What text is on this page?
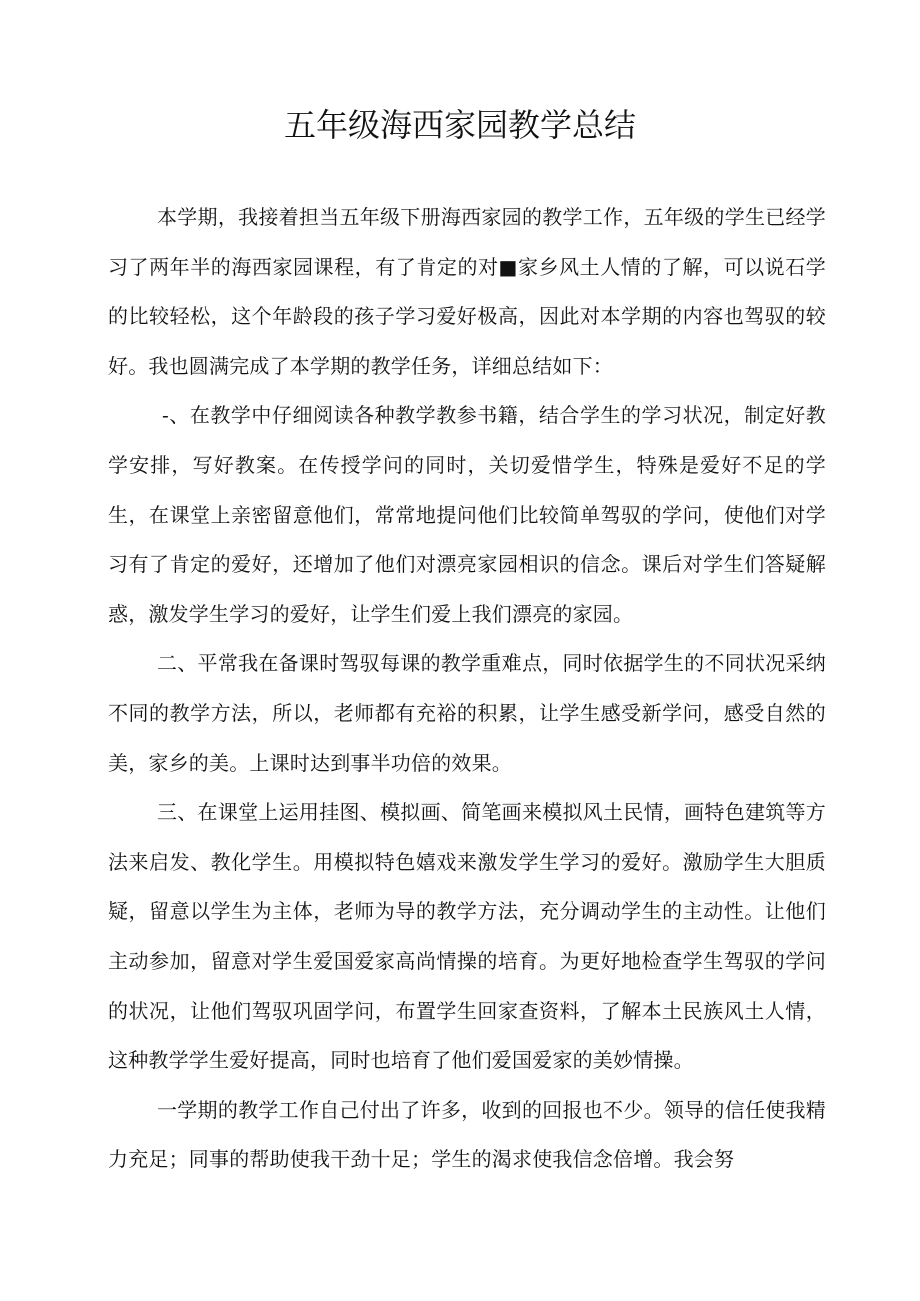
五年级海西家园教学总结

本学期，我接着担当五年级下册海西家园的教学工作，五年级的学生已经学习了两年半的海西家园课程，有了肯定的对■家乡风土人情的了解，可以说石学的比较轻松，这个年龄段的孩子学习爱好极高，因此对本学期的内容也驾驭的较好。我也圆满完成了本学期的教学任务，详细总结如下：

-、在教学中仔细阅读各种教学教参书籍，结合学生的学习状况，制定好教学安排，写好教案。在传授学问的同时，关切爱惜学生，特殊是爱好不足的学生，在课堂上亲密留意他们，常常地提问他们比较简单驾驭的学问，使他们对学习有了肯定的爱好，还增加了他们对漂亮家园相识的信念。课后对学生们答疑解惑，激发学生学习的爱好，让学生们爱上我们漂亮的家园。

二、平常我在备课时驾驭每课的教学重难点，同时依据学生的不同状况采纳不同的教学方法，所以，老师都有充裕的积累，让学生感受新学问，感受自然的美，家乡的美。上课时达到事半功倍的效果。

三、在课堂上运用挂图、模拟画、简笔画来模拟风土民情，画特色建筑等方法来启发、教化学生。用模拟特色嬉戏来激发学生学习的爱好。激励学生大胆质疑，留意以学生为主体，老师为导的教学方法，充分调动学生的主动性。让他们主动参加，留意对学生爱国爱家高尚情操的培育。为更好地检查学生驾驭的学问的状况，让他们驾驭巩固学问，布置学生回家查资料，了解本土民族风土人情，这种教学学生爱好提高，同时也培育了他们爱国爱家的美妙情操。

一学期的教学工作自己付出了许多，收到的回报也不少。领导的信任使我精力充足；同事的帮助使我干劲十足；学生的渴求使我信念倍增。我会努
